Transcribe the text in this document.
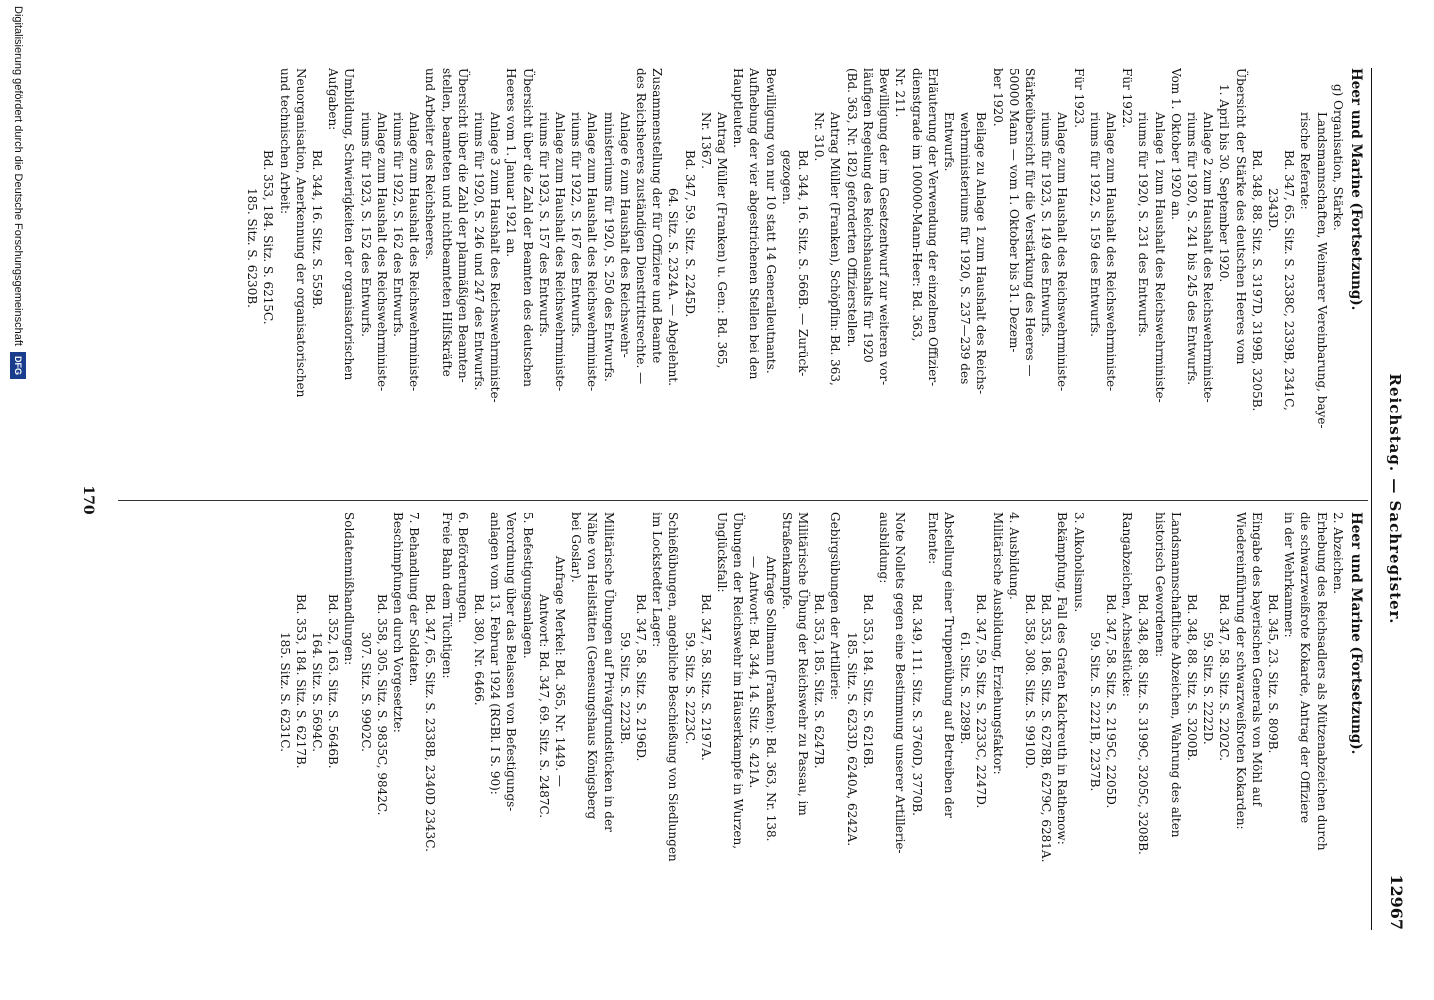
Reichstag. — Sachregister.
12967
Heer und Marine (Fortsetzung).
g) Organisation, Stärke.
Landsmannschaften, Weimarer Vereinbarung, baye-
rische Referate:
Bd. 347, 65. Sitz. S. 2338C, 2339B, 2341C,
2343D.
Bd. 348, 88. Sitz. S. 3197D, 3199B, 3205B.
Übersicht der Stärke des deutschen Heeres vom
1. April bis 30. September 1920.
Anlage 2 zum Haushalt des Reichswehrministe-
riums für 1920, S. 241 bis 245 des Entwurfs.
Vom 1. Oktober 1920 an.
Anlage 1 zum Haushalt des Reichswehrministe-
riums für 1920, S. 231 des Entwurfs.
Für 1922.
Anlage zum Haushalt des Reichswehrministe-
riums für 1922, S. 159 des Entwurfs.
Für 1923.
Anlage zum Haushalt des Reichswehrministe-
riums für 1923, S. 149 des Entwurfs.
Stärkeübersicht für die Verstärkung des Heeres —
50000 Mann — vom 1. Oktober bis 31. Dezem-
ber 1920.
Beilage zu Anlage 1 zum Haushalt des Reichs-
wehrministeriums für 1920, S. 237—239 des
Entwurfs.
Erläuterung der Verwendung der einzelnen Offizier-
dienstgrade im 100000-Mann-Heer: Bd. 363,
Nr. 211.
Bewilligung der im Gesetzentwurf zur weiteren vor-
läufigen Regelung des Reichshaushalts für 1920
(Bd. 363, Nr. 182) geforderten Offizierstellen.
Antrag Müller (Franken), Schöpflin: Bd. 363,
Nr. 310.
Bd. 344, 16. Sitz. S. 566B. — Zurück-
gezogen.
Bewilligung von nur 10 statt 14 Generalleutnants.
Aufhebung der vier abgestrichenen Stellen bei den
Hauptleuten.
Antrag Müller (Franken) u. Gen.: Bd. 365,
Nr. 1367.
Bd. 347, 59. Sitz. S. 2245D.
64. Sitz. S. 2324A. — Abgelehnt.
Zusammenstellung der für Offiziere und Beamte
des Reichsheeres zuständigen Diensttrittsrechte. —
Anlage 6 zum Haushalt des Reichswehr-
ministeriums für 1920, S. 250 des Entwurfs.
Anlage zum Haushalt des Reichswehrministe-
riums für 1922, S. 167 des Entwurfs.
Anlage zum Haushalt des Reichswehrministe-
riums für 1923, S. 157 des Entwurfs.
Übersicht über die Zahl der Beamten des deutschen
Heeres vom 1. Januar 1921 an.
Anlage 3 zum Haushalt des Reichswehrministe-
riums für 1920, S. 246 und 247 des Entwurfs.
Übersicht über die Zahl der planmäßigen Beamten-
stellen, beamteten und nichtbeamteten Hilfskräfte
und Arbeiter des Reichsheeres.
Anlage zum Haushalt des Reichswehrministe-
riums für 1922, S. 162 des Entwurfs.
Anlage zum Haushalt des Reichswehrministe-
riums für 1923, S. 152 des Entwurfs.
Umbildung, Schwierigkeiten der organisatorischen
Aufgaben:
Bd. 344, 16. Sitz. S. 559B.
Neuorganisation, Anerkennung der organisatorischen
und technischen Arbeit:
Bd. 353, 184. Sitz. S. 6215C.
185. Sitz. S. 6230B.
Heer und Marine (Fortsetzung).
2. Abzeichen.
Erhebung des Reichsadlers als Mützenabzeichen durch
die schwarzweißrote Kokarde, Antrag der Offiziere
in der Wehrkammer:
Bd. 345, 23. Sitz. S. 809B.
Eingabe des bayerischen Generals von Möhl auf
Wiedereinführung der schwarzweißroten Kokarden:
Bd. 347, 58. Sitz. S. 2202C.
59. Sitz. S. 2222D.
Bd. 348, 88. Sitz. S. 3200B.
Landsmannschaftliche Abzeichen, Wahrung des alten
historisch Gewordenen:
Bd. 348, 88. Sitz. S. 3199C, 3205C, 3208B.
Rangabzeichen, Achselstücke:
Bd. 347, 58. Sitz. S. 2195C, 2205D.
59. Sitz. S. 2221B, 2237B.
3. Alkoholismus.
Bekämpfung, Fall des Grafen Kalckreuth in Rathenow:
Bd. 353, 186. Sitz. S. 6278B, 6279C, 6281A.
Bd. 358, 308. Sitz. S. 9910D.
4. Ausbildung.
Militärische Ausbildung, Erziehungsfaktor:
Bd. 347, 59. Sitz. S. 2233C, 2247D.
61. Sitz. S. 2289B.
Abstellung einer Truppenübung auf Betreiben der
Entente:
Bd. 349, 111. Sitz. S. 3760D, 3770B.
Note Nollets gegen eine Bestimmung unserer Artillerie-
ausbildung:
Bd. 353, 184. Sitz. S. 6216B.
185. Sitz. S. 6233D, 6240A, 6242A.
Gebirgsübungen der Artillerie:
Bd. 353, 185. Sitz. S. 6247B.
Militärische Übung der Reichswehr zu Passau, im
Straßenkampfe.
Anfrage Sollmann (Franken): Bd. 363, Nr. 138.
— Antwort: Bd. 344, 14. Sitz. S. 421A.
Übungen der Reichswehr im Häuserkampfe in Wurzen,
Unglücksfall:
Bd. 347, 58. Sitz. S. 2197A.
59. Sitz. S. 2223C.
Schießübungen, angebliche Beschießung von Siedlungen
im Lockstedter Lager:
Bd. 347, 58. Sitz. S. 2196D.
59. Sitz. S. 2223B.
Militärische Übungen auf Privatgrundstücken in der
Nähe von Heilstätten (Genesungshaus Königsberg
bei Goslar).
Anfrage Merkel: Bd. 365, Nr. 1449. —
Antwort: Bd. 347, 69. Sitz. S. 2487C.
5. Befestigungsanlagen.
Verordnung über das Belassen von Befestigungs-
anlagen vom 13. Februar 1924 (RGBl. I S. 90):
Bd. 380, Nr. 6466.
6. Beförderungen.
Freie Bahn dem Tüchtigen:
Bd. 347, 65. Sitz. S. 2338B, 2340D 2343C.
7. Behandlung der Soldaten.
Beschimpfungen durch Vorgesetzte:
Bd. 358, 305. Sitz. S. 9835C, 9842C.
307. Sitz. S. 9902C.
Soldatenmißhandlungen:
Bd. 352, 163. Sitz. S. 5646B.
164. Sitz. S. 5694C.
Bd. 353, 184. Sitz. S. 6217B.
185. Sitz. S. 6231C.
170
Digitalisierung gefördert durch die Deutsche Forschungsgemeinschaft
DFG
